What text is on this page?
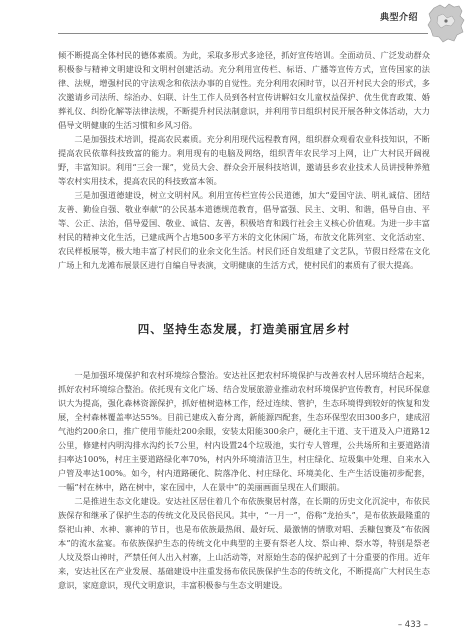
典型介绍

倾不断提高全体村民的德体素质。为此，采取多形式多途径，抓好宣传培训。全面动员、广泛发动群众积极参与精神文明建设和文明村创建活动。充分利用宣传栏、标语、广播等宣传方式，宣传国家的法律、法规，增强村民的守法观念和依法办事的自觉性。充分利用农闲时节，以召开村民大会的形式，多次邀请乡司法所、综治办、妇联、计生工作人员到各村宣传讲解妇女儿童权益保护、优生优育政策、婚葬礼仪、纠纷化解等法律法规，不断提升村民法制意识，并利用节日组织村民开展各种文体活动，大力倡导文明健康的生活习惯和乡风习俗。

二是加强技术培训，提高农民素质。充分利用现代远程教育网，组织群众观看农业科技知识，不断提高农民依靠科技致富的能力。利用现有的电脑及网络，组织青年农民学习上网，让广大村民开阔视野，丰富知识。利用“三会一课”，党员大会、群众会开展科技培训，邀请县乡农业技术人员讲授种养殖等农村实用技术，提高农民的科技致富本领。

三是加强道德建设，树立文明村风。利用宣传栏宣传公民道德，加大“爱国守法、明礼诚信、团结友善、勤俭自强、敬业奉献”的公民基本道德规范教育，倡导富强、民主、文明、和谐，倡导自由、平等、公正、法治，倡导爱国、敬业、诚信、友善，积极培育和践行社会主义核心价值观。为进一步丰富村民的精神文化生活，已建成两个占地500多平方米的文化休闲广场，布放文化陈列室、文化活动室、农民样板展等，极大地丰富了村民们的业余文化生活。村民们还自发组建了文艺队，节假日经常在文化广场上和九龙滩布展景区进行自编自导表演，文明健康的生活方式，使村民们的素质有了很大提高。

四、坚持生态发展，打造美丽宜居乡村

一是加强环境保护和农村环境综合整治。安达社区把农村环境保护与改善农村人居环境结合起来，抓好农村环境综合整治。依托现有文化广场、结合发展旅游业推动农村环境保护宣传教育，村民环保意识大为提高，强化森林资源保护，抓好植树造林工作，经过连续、管护，生态环境得到较好的恢复和发展，全村森林覆盖率达55%。目前已建成入畜分离，新能源四配套，生态环保型农田300多户，建成沼气池约200余口，推广使用节能灶200余眼，安装太阳能300余户，硬化主干道、支干道及入户道路12公里，修建村内明沟排水沟约长7公里，村内设置24个垃圾池，实行专人管理，公共场所和主要道路清扫率达100%，村庄主要道路绿化率70%，村内外环境清洁卫生，村庄绿化、垃圾集中处理、自来水入户管及率达100%。如今，村内道路硬化、院落净化、村庄绿化、环境美化、生产生活设施初步配套，一幅“村在林中，路在树中，家在园中，人在景中”的美丽画面呈现在人们眼前。

二是推进生态文化建设。安达社区居住着几个布依族聚居村落，在长期的历史文化沉淀中，布依民族保存和继承了保护生态的传统文化及民俗民风。其中，“一月一”，俗称“龙抬头”，是布依族最隆重的祭祀山神、水神、寨神的节日，也是布依族最热闹、最好玩、最激情的情歌对唱、丢糠包赛及“布依阁本”的流水盆宴。布依族保护生态的传统文化中典型的主要有祭老人坟、祭山神、祭水等，特别是祭老人坟及祭山神时，严禁任何人出入村寨，上山活动等，对原始生态的保护起到了十分重要的作用。近年来，安达社区在产业发展、基础建设中注重发扬布依民族保护生态的传统文化，不断提高广大村民生态意识，家庭意识，现代文明意识，丰富积极参与生态文明建设。

– 433 –
